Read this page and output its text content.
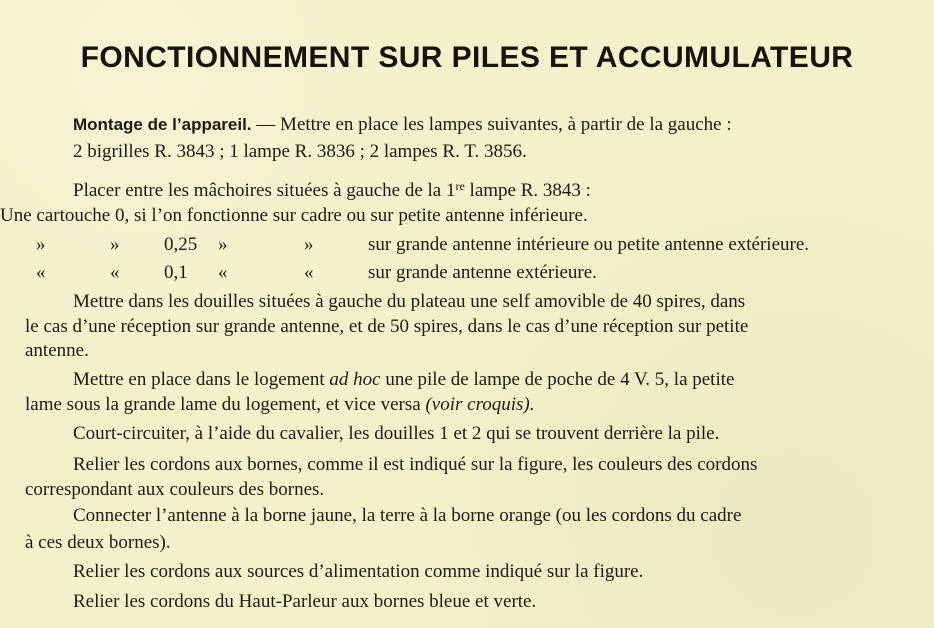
FONCTIONNEMENT SUR PILES ET ACCUMULATEUR
Montage de l’appareil. — Mettre en place les lampes suivantes, à partir de la gauche :
2 bigrilles R. 3843 ; 1 lampe R. 3836 ; 2 lampes R. T. 3856.
Placer entre les mâchoires situées à gauche de la 1re lampe R. 3843 :
Une cartouche 0, si l’on fonctionne sur cadre ou sur petite antenne inférieure.
»	» 0,25 »	»	sur grande antenne intérieure ou petite antenne extérieure.
«	« 0,1 «	«	sur grande antenne extérieure.
Mettre dans les douilles situées à gauche du plateau une self amovible de 40 spires, dans
le cas d’une réception sur grande antenne, et de 50 spires, dans le cas d’une réception sur petite
antenne.
Mettre en place dans le logement ad hoc une pile de lampe de poche de 4 V. 5, la petite
lame sous la grande lame du logement, et vice versa (voir croquis).
Court-circuiter, à l’aide du cavalier, les douilles 1 et 2 qui se trouvent derrière la pile.
Relier les cordons aux bornes, comme il est indiqué sur la figure, les couleurs des cordons
correspondant aux couleurs des bornes.
Connecter l’antenne à la borne jaune, la terre à la borne orange (ou les cordons du cadre
à ces deux bornes).
Relier les cordons aux sources d’alimentation comme indiqué sur la figure.
Relier les cordons du Haut-Parleur aux bornes bleue et verte.
